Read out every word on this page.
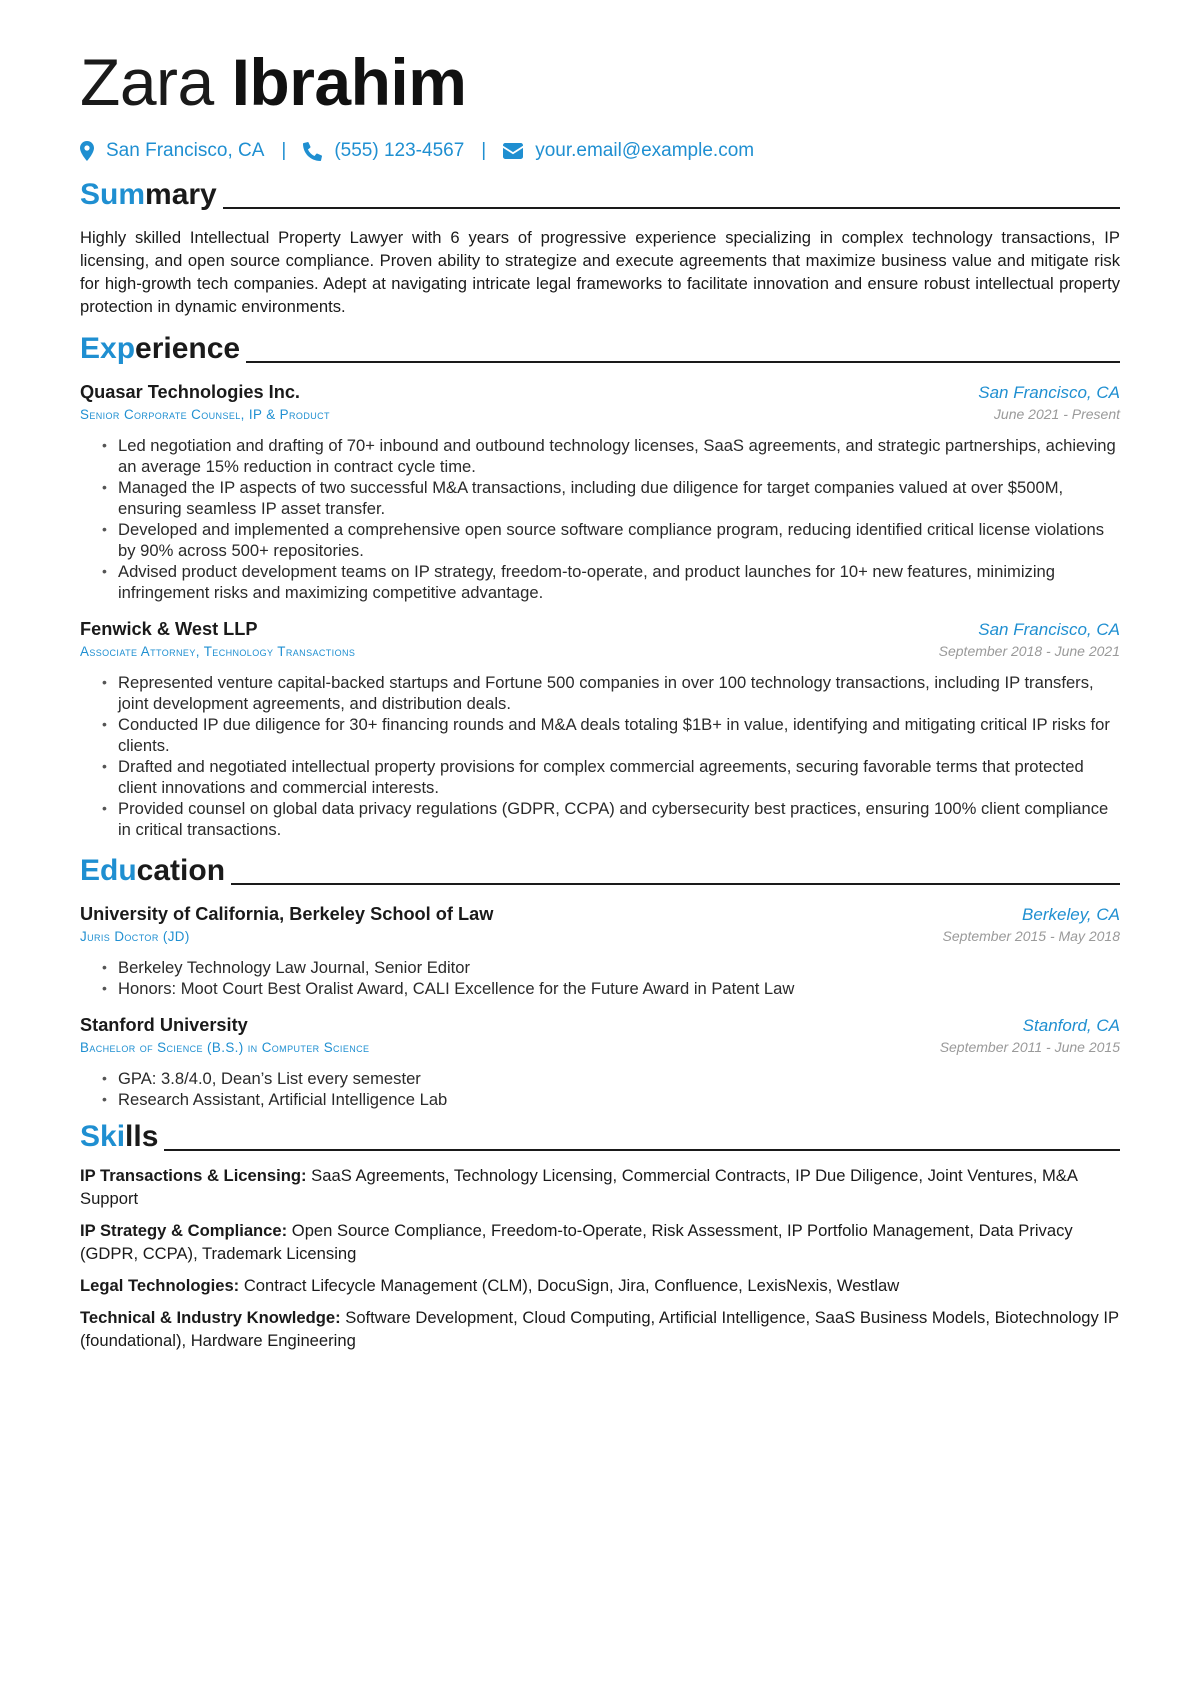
Zara Ibrahim
San Francisco, CA |	(555) 123-4567 |	your.email@example.com
Summary

Highly skilled Intellectual Property Lawyer with 6 years of progressive experience specializing in complex technology transactions, IP licensing, and open source compliance. Proven ability to strategize and execute agreements that maximize business value and mitigate risk for high-growth tech companies. Adept at navigating intricate legal frameworks to facilitate innovation and ensure robust intellectual property protection in dynamic environments.

Experience
Quasar Technologies Inc.	San Francisco, CA
Senior Corporate Counsel, IP & Product	June 2021 - Present
• Led negotiation and drafting of 70+ inbound and outbound technology licenses, SaaS agreements, and strategic partnerships, achieving an average 15% reduction in contract cycle time.
• Managed the IP aspects of two successful M&A transactions, including due diligence for target companies valued at over $500M, ensuring seamless IP asset transfer.
• Developed and implemented a comprehensive open source software compliance program, reducing identified critical license violations by 90% across 500+ repositories.
• Advised product development teams on IP strategy, freedom-to-operate, and product launches for 10+ new features, minimizing infringement risks and maximizing competitive advantage.
Fenwick & West LLP	San Francisco, CA
Associate Attorney, Technology Transactions	September 2018 - June 2021
• Represented venture capital-backed startups and Fortune 500 companies in over 100 technology transactions, including IP transfers, joint development agreements, and distribution deals.
• Conducted IP due diligence for 30+ financing rounds and M&A deals totaling $1B+ in value, identifying and mitigating critical IP risks for clients.
• Drafted and negotiated intellectual property provisions for complex commercial agreements, securing favorable terms that protected client innovations and commercial interests.
• Provided counsel on global data privacy regulations (GDPR, CCPA) and cybersecurity best practices, ensuring 100% client compliance in critical transactions.
Education
University of California, Berkeley School of Law	Berkeley, CA
Juris Doctor (JD)	September 2015 - May 2018
• Berkeley Technology Law Journal, Senior Editor
• Honors: Moot Court Best Oralist Award, CALI Excellence for the Future Award in Patent Law
Stanford University	Stanford, CA
Bachelor of Science (B.S.) in Computer Science	September 2011 - June 2015
• GPA: 3.8/4.0, Dean’s List every semester
• Research Assistant, Artificial Intelligence Lab
Skills

IP Transactions & Licensing: SaaS Agreements, Technology Licensing, Commercial Contracts, IP Due Diligence, Joint Ventures, M&A Support

IP Strategy & Compliance: Open Source Compliance, Freedom-to-Operate, Risk Assessment, IP Portfolio Management, Data Privacy (GDPR, CCPA), Trademark Licensing

Legal Technologies: Contract Lifecycle Management (CLM), DocuSign, Jira, Confluence, LexisNexis, Westlaw

Technical & Industry Knowledge: Software Development, Cloud Computing, Artificial Intelligence, SaaS Business Models, Biotechnology IP (foundational), Hardware Engineering
